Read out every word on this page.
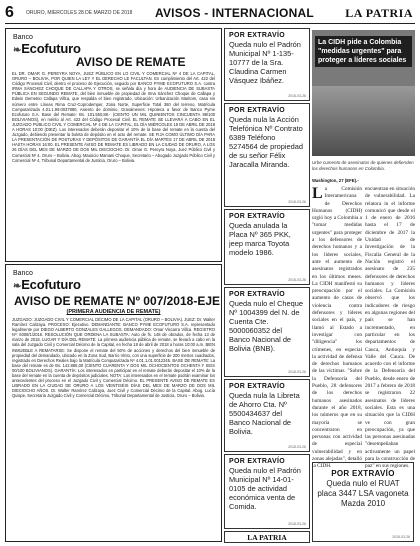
6 ORURO, MIERCOLES 28 DE MARZO DE 2018 AVISOS - INTERNACIONAL	LA PATRIA
Banco
❧Ecofuturo
AVISO DE REMATE
EL DR. OMAR G. PEREYRA NOYA, JUEZ PÚBLICO EN LO CIVIL Y COMERCIAL Nº 4 DE LA CAPITAL, ORURO – BOLIVIA, POR QUIEN LA LEY Y EL DERECHO LE FACULTAN. En cumplimiento del Art. 422 del Código Procesal Civil, dentro el proceso de Ejecución, seguido por BANCO PYME ECOFUTURO S.A. contra IRMA SÁNCHEZ CHOQUE DE CALLAPA Y OTROS, se señala día y hora de AUDIENCIA DE SUBASTA PÚBLICA EN SEGUNDO REMATE, del bien inmueble de propiedad de Irma Sánchez Choque de Callapa y Edwin Demetrio Callapa Villca, que respalda el bien registrado, Ubicación: Urbanización Maritom, casa sin número entre Líneas Rima Cruz-Coprodemper, Zona Norte, Superficie Total 360 del terreno, Matrícula Computarizada 4.01.1.99.0037880, Asiento de dominio, Gravámenes: Hipoteca a favor de Banco Pyme Ecofuturo S.A. Base del Remate: Bs. 101.550,88.- (CIENTO UN MIL QUINIENTOS CINCUENTA 88/100 BOLIVIANOS), en mérito al Art. 422 del Código Procesal Civil. EL REMATE SE LLEVARÁ A CABO EN EL JUZGADO PÚBLICO CIVIL Y COMERCIAL Nº 4 DE LA CAPITAL, EL DÍA MIÉRCOLES 18 DE ABRIL DE 2018 A HORAS 10:00 (DIEZ). Los interesados deberán depositar el 10% de la base del remate en la cuenta del Juzgado, debiendo presentar la boleta de depósito en el acto del remate. SE FIJA COMO ÚLTIMO DÍA PARA LA PRESENTACIÓN DE POSTURAS Y DEPÓSITOS DE GARANTÍA EL DÍA MARTES 17 DE ABRIL DE 2018 HASTA HORAS 16:00. EL PRESENTE AVISO DE REMATE ES LIBRADO EN LA CIUDAD DE ORURO, A LOS 26 DÍAS DEL MES DE MARZO DE DOS MIL DIECIOCHO. Dr. Omar G. Pereyra Noya, Juez Público Civil y Comercial Nº 4. Oruro – Bolivia. Abog. Mauricio Mamani Choque, Secretario – Abogado Juzgado Público Civil y Comercial Nº 4, Tribunal Departamental de Justicia, Oruro – Bolivia.
Banco
❧Ecofuturo
AVISO DE REMATE Nº 007/2018-EJE
(PRIMERA AUDIENCIA DE REMATE)
JUZGADO: JUZGADO CIVIL Y COMERCIAL DÉCIMO DE LA CAPITAL (ORURO – BOLIVIA). JUEZ: Dr. Walter Ramírez Calizaya. PROCESO: Ejecutivo. DEMANDANTE: BANCO PYME ECOFUTURO S.A. representado legalmente por DIEGO ALBERTO GONZALES GALLEGOS. DEMANDADO: Omar Viscarra Villca. REGISTRO Nº: 6008/1/2016. RESOLUCIÓN QUE ORDENA LA SUBASTA: Auto de fs. 148 de obrados, de fecha 13 de marzo de 2018. LUGAR Y DÍA DEL REMATE: La primera audiencia pública de remate, se llevará a cabo en la sala del Juzgado Civil y Comercial Décimo de la Capital, en fecha 18 de abril de 2018 a horas 10:00 a.m. BIEN INMUEBLE A REMATARSE: Se dispone el remate del 50% de acciones y derechos del bien inmueble de propiedad del demandado, ubicado en la Zona Sud, Barrio Vinto, con una superficie de 200 metros cuadrados, registrado en Derechos Reales bajo la Matrícula Computarizada Nº 4.01.1.01.0012345. BASE DE REMATE: La base del remate es de Bs. 142.886,00 (CIENTO CUARENTA Y DOS MIL OCHOCIENTOS OCHENTA Y SEIS 00/100 BOLIVIANOS). GARANTÍA: Los interesados en participar en el remate deberán depositar el 10% de la base del remate en la cuenta de depósitos judiciales. NOTA: Los interesados en el remate podrán examinar los antecedentes del proceso en el Juzgado Civil y Comercial Décimo. EL PRESENTE AVISO DE REMATE ES LIBRADO EN LA CIUDAD DE ORURO A LOS VEINTISÉIS DÍAS DEL MES DE MARZO DE DOS MIL DIECIOCHO AÑOS. Dr. Walter Ramírez Calizaya, Juez Civil y Comercial Décimo de la Capital. Abog. Lucía Quispe, Secretaria Juzgado Civil y Comercial Décimo, Tribunal Departamental de Justicia, Oruro – Bolivia.
POR EXTRAVÍO
Queda nulo el Padrón Municipal Nº 1-135-10777 de la Sra. Claudina Carmen Vásquez Ibáñez.
2018-03-26
POR EXTRAVÍO
Queda nula la Acción Telefónica Nº Contrato 6389 Teléfono 5274564 de propiedad de su señor Félix Jaracalla Miranda.
2018-03-26
POR EXTRAVÍO
Queda anulada la Placa Nº 365 PKK, jeep marca Toyota modelo 1986.
2018-03-26
POR EXTRAVÍO
Queda nulo el Cheque Nº 1004399 del N. de Cuenta Cte. 5000060352 del Banco Nacional de Bolivia (BNB).
2018-03-26
POR EXTRAVÍO
Queda nula la Libreta de Ahorro Cta. Nº 5500434637 del Banco Nacional de Bolivia.
2018-03-26
POR EXTRAVÍO
Queda nulo el Padrón Municipal Nº 14-01-0105 de actividad económica venta de Comida.
2018-03-26
LA PATRIA
POR EXTRAVÍO
Queda nulo el RUAT placa 3447 LSA vagoneta Mazda 2010
2018-03-26
La CIDH pide a Colombia "medidas urgentes" para proteger a líderes sociales
Urbe cumento de asesinatos de quienes defienden los derechos humanos en Colombia.
Washington, 27 (EFE).-
La Comisión Interamericana de Derechos Humanos (CIDH) urgió hoy a Colombia a "tomar medidas urgentes" para proteger a los defensores de derechos humanos y a los líderes sociales, ante el aumento de asesinatos registrados en los últimos meses. La CIDH manifestó su preocupación por el aumento de casos de violencia contra defensores y líderes sociales en el país, y llamó al Estado a investigar con "diligencia" los crímenes, en especial la actividad de defensa de derechos humanos de las víctimas. "Sobre la Defensoría del Pueblo, 28 defensores de los derechos humanos asesinados durante el año 2018, los números que en su mayoría se concentraron en personas con actividad de especial vulnerabilidad y en zonas alejadas", detalló la CIDH.
encuentran en situación de vulnerabilidad. La relatora in el informe comunicó que desde el 1 de enero de 2016 hasta el 17 de diciembre de 2017 la Unidad de Investigación de la Fiscalía General de la Nación registró el asesinato de 235 defensores de derechos humanos y líderes sociales. La Comisión observó que los indicadores de riesgo en algunas regiones del país se han incrementado, en particular en los departamentos de Cauca, Antioquia y Valle del Cauca. De acuerdo con el informe de la Defensoría del Pueblo, desde enero de 2017 a febrero de 2018 se registraron 22 asesinatos de líderes sociales. Esta es una situación que la CIDH ve con gran preocupación, ya que las personas asesinadas "desempeñaban activamente un papel para la construcción de paz" en sus regiones.
